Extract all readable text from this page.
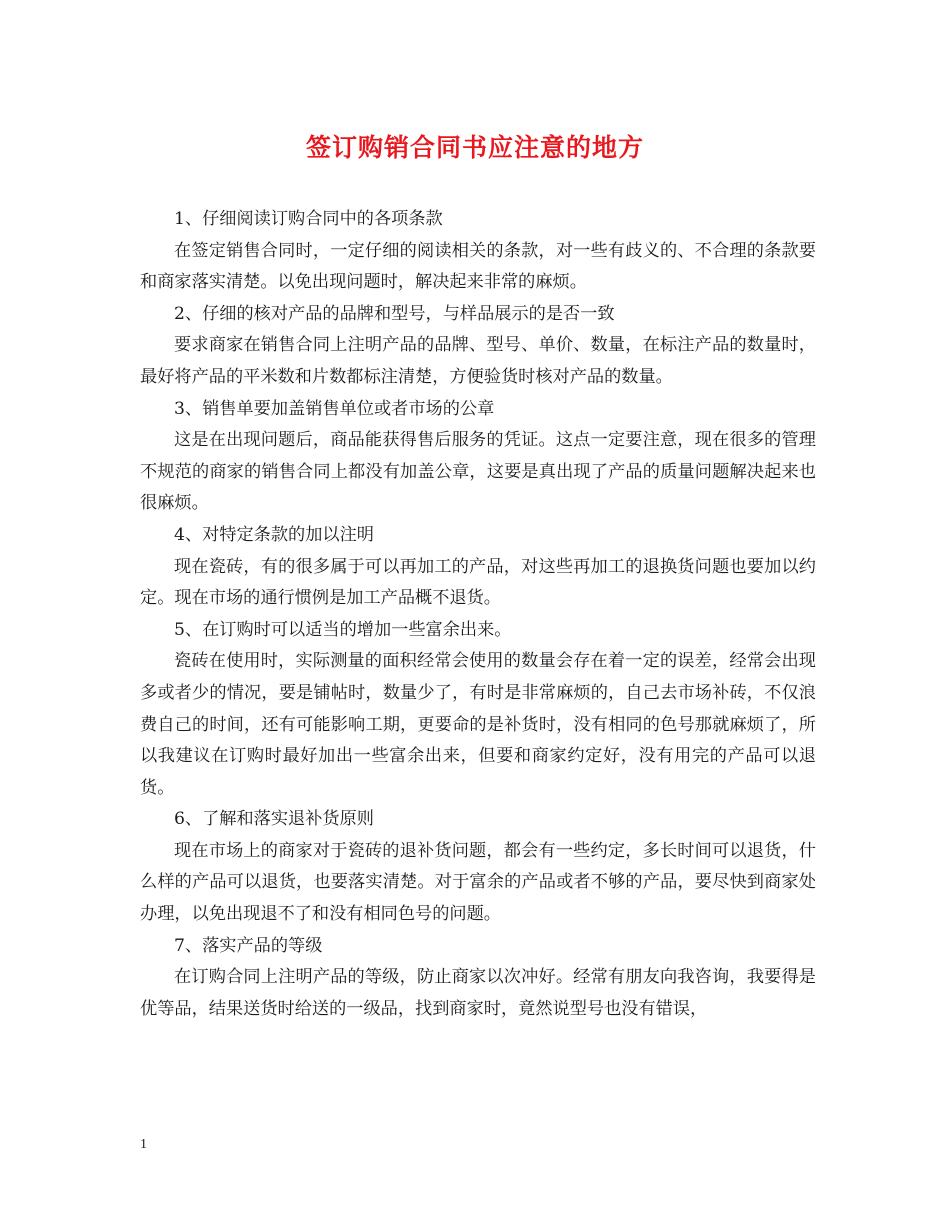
签订购销合同书应注意的地方

1、仔细阅读订购合同中的各项条款

在签定销售合同时，一定仔细的阅读相关的条款，对一些有歧义的、不合理的条款要和商家落实清楚。以免出现问题时，解决起来非常的麻烦。

2、仔细的核对产品的品牌和型号，与样品展示的是否一致

要求商家在销售合同上注明产品的品牌、型号、单价、数量，在标注产品的数量时，最好将产品的平米数和片数都标注清楚，方便验货时核对产品的数量。

3、销售单要加盖销售单位或者市场的公章

这是在出现问题后，商品能获得售后服务的凭证。这点一定要注意，现在很多的管理不规范的商家的销售合同上都没有加盖公章，这要是真出现了产品的质量问题解决起来也很麻烦。

4、对特定条款的加以注明

现在瓷砖，有的很多属于可以再加工的产品，对这些再加工的退换货问题也要加以约定。现在市场的通行惯例是加工产品概不退货。

5、在订购时可以适当的增加一些富余出来。

瓷砖在使用时，实际测量的面积经常会使用的数量会存在着一定的误差，经常会出现多或者少的情况，要是铺帖时，数量少了，有时是非常麻烦的，自己去市场补砖，不仅浪费自己的时间，还有可能影响工期，更要命的是补货时，没有相同的色号那就麻烦了，所以我建议在订购时最好加出一些富余出来，但要和商家约定好，没有用完的产品可以退货。

6、了解和落实退补货原则

现在市场上的商家对于瓷砖的退补货问题，都会有一些约定，多长时间可以退货，什么样的产品可以退货，也要落实清楚。对于富余的产品或者不够的产品，要尽快到商家处办理，以免出现退不了和没有相同色号的问题。

7、落实产品的等级

在订购合同上注明产品的等级，防止商家以次冲好。经常有朋友向我咨询，我要得是优等品，结果送货时给送的一级品，找到商家时，竟然说型号也没有错误，

1
